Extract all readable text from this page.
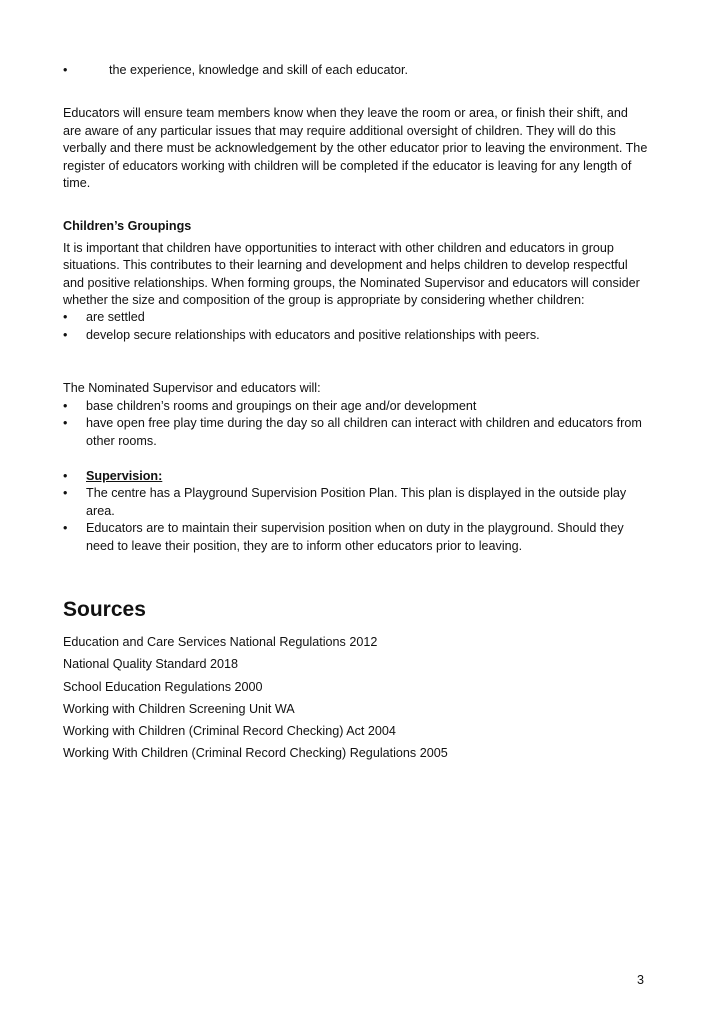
•	the experience, knowledge and skill of each educator.

Educators will ensure team members know when they leave the room or area, or finish their shift, and are aware of any particular issues that may require additional oversight of children. They will do this verbally and there must be acknowledgement by the other educator prior to leaving the environment. The register of educators working with children will be completed if the educator is leaving for any length of time.

Children’s Groupings

It is important that children have opportunities to interact with other children and educators in group situations. This contributes to their learning and development and helps children to develop respectful and positive relationships. When forming groups, the Nominated Supervisor and educators will consider whether the size and composition of the group is appropriate by considering whether children:

•	are settled
•	develop secure relationships with educators and positive relationships with peers.

The Nominated Supervisor and educators will:

•	base children’s rooms and groupings on their age and/or development
•	have open free play time during the day so all children can interact with children and educators from other rooms.
•	Supervision:
•	The centre has a Playground Supervision Position Plan. This plan is displayed in the outside play area.
•	Educators are to maintain their supervision position when on duty in the playground. Should they need to leave their position, they are to inform other educators prior to leaving.

Sources

Education and Care Services National Regulations 2012

National Quality Standard 2018

School Education Regulations 2000

Working with Children Screening Unit WA

Working with Children (Criminal Record Checking) Act 2004

Working With Children (Criminal Record Checking) Regulations 2005

3
